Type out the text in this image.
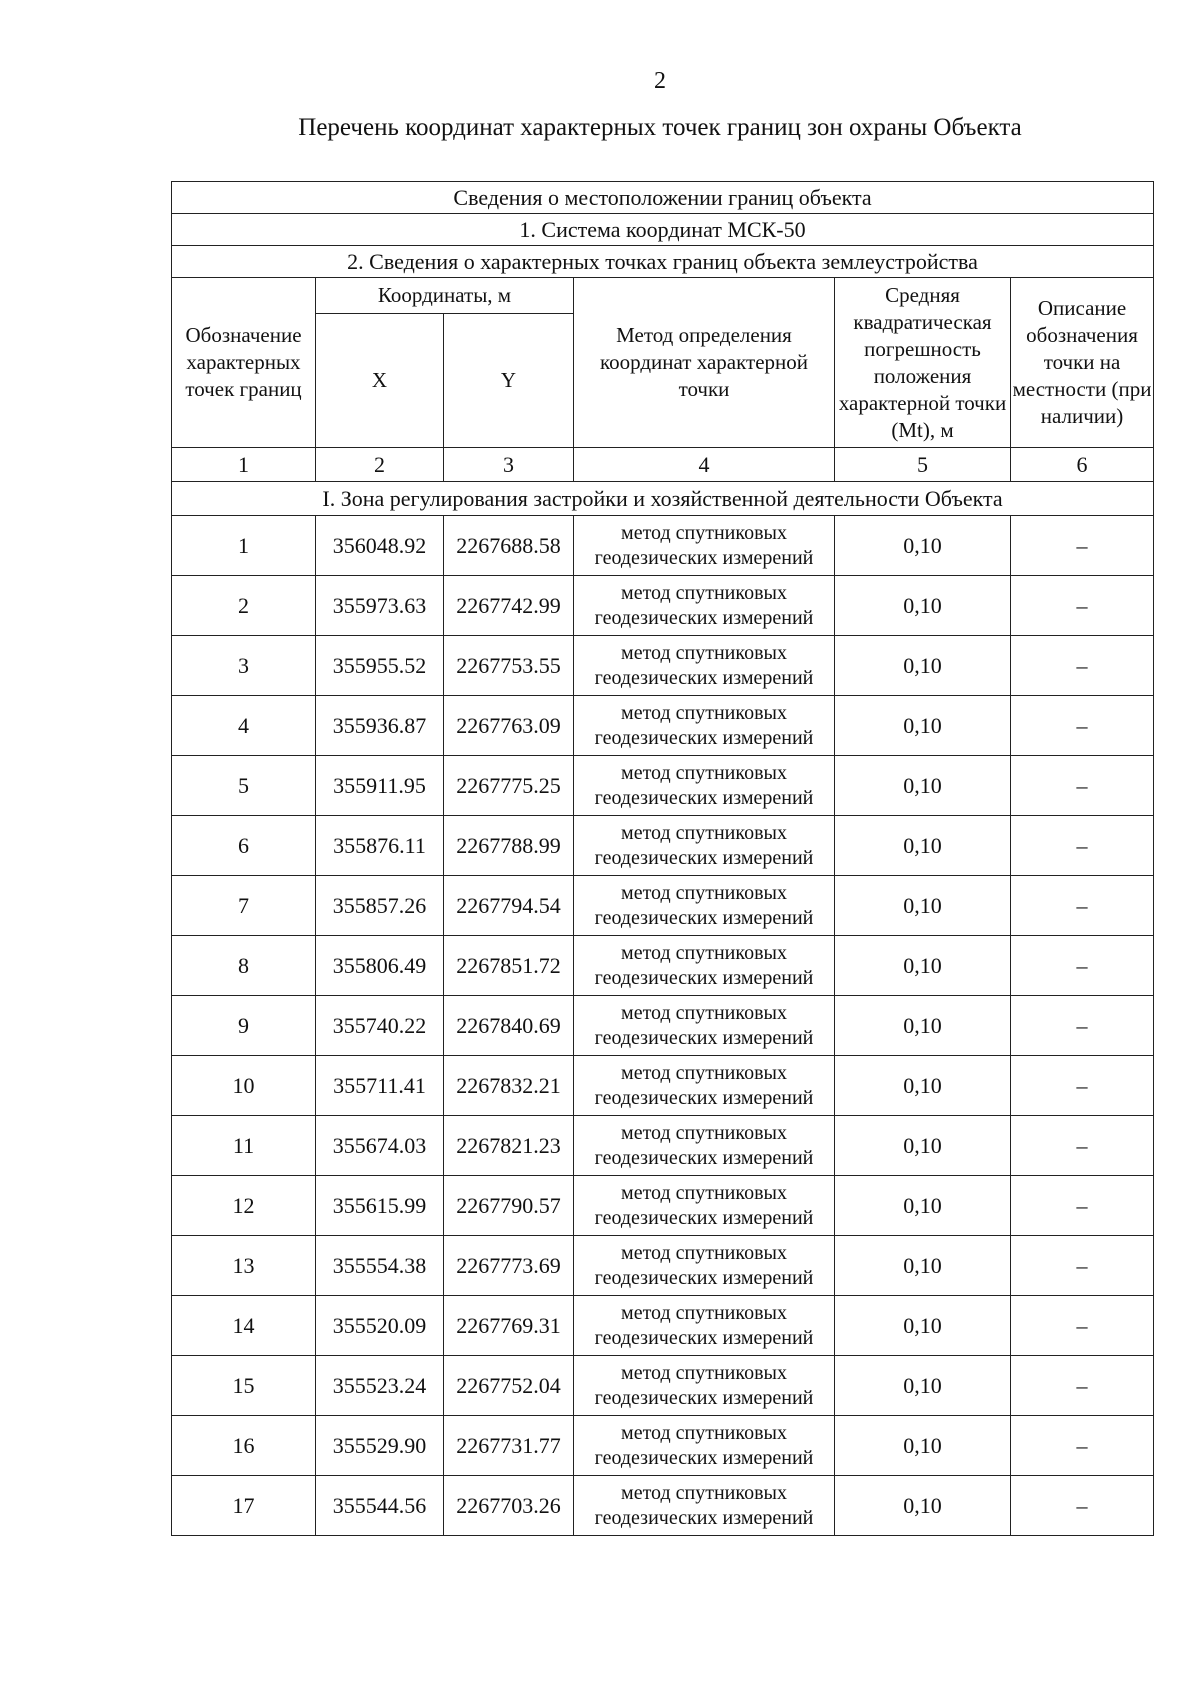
2
Перечень координат характерных точек границ зон охраны Объекта
Сведения о местоположении границ объекта					
1. Система координат МСК-50					
2. Сведения о характерных точках границ объекта землеустройства					
Обозначение характерных точек границ	Координаты, м		Метод определения координат характерной точки	Средняя квадратическая погрешность положения характерной точки (Mt), м	Описание обозначения точки на местности (при наличии)
	X	Y			
1	2	3	4	5	6
I. Зона регулирования застройки и хозяйственной деятельности Объекта					
1	356048.92	2267688.58	метод спутниковых геодезических измерений	0,10	–
2	355973.63	2267742.99	метод спутниковых геодезических измерений	0,10	–
3	355955.52	2267753.55	метод спутниковых геодезических измерений	0,10	–
4	355936.87	2267763.09	метод спутниковых геодезических измерений	0,10	–
5	355911.95	2267775.25	метод спутниковых геодезических измерений	0,10	–
6	355876.11	2267788.99	метод спутниковых геодезических измерений	0,10	–
7	355857.26	2267794.54	метод спутниковых геодезических измерений	0,10	–
8	355806.49	2267851.72	метод спутниковых геодезических измерений	0,10	–
9	355740.22	2267840.69	метод спутниковых геодезических измерений	0,10	–
10	355711.41	2267832.21	метод спутниковых геодезических измерений	0,10	–
11	355674.03	2267821.23	метод спутниковых геодезических измерений	0,10	–
12	355615.99	2267790.57	метод спутниковых геодезических измерений	0,10	–
13	355554.38	2267773.69	метод спутниковых геодезических измерений	0,10	–
14	355520.09	2267769.31	метод спутниковых геодезических измерений	0,10	–
15	355523.24	2267752.04	метод спутниковых геодезических измерений	0,10	–
16	355529.90	2267731.77	метод спутниковых геодезических измерений	0,10	–
17	355544.56	2267703.26	метод спутниковых геодезических измерений	0,10	–
